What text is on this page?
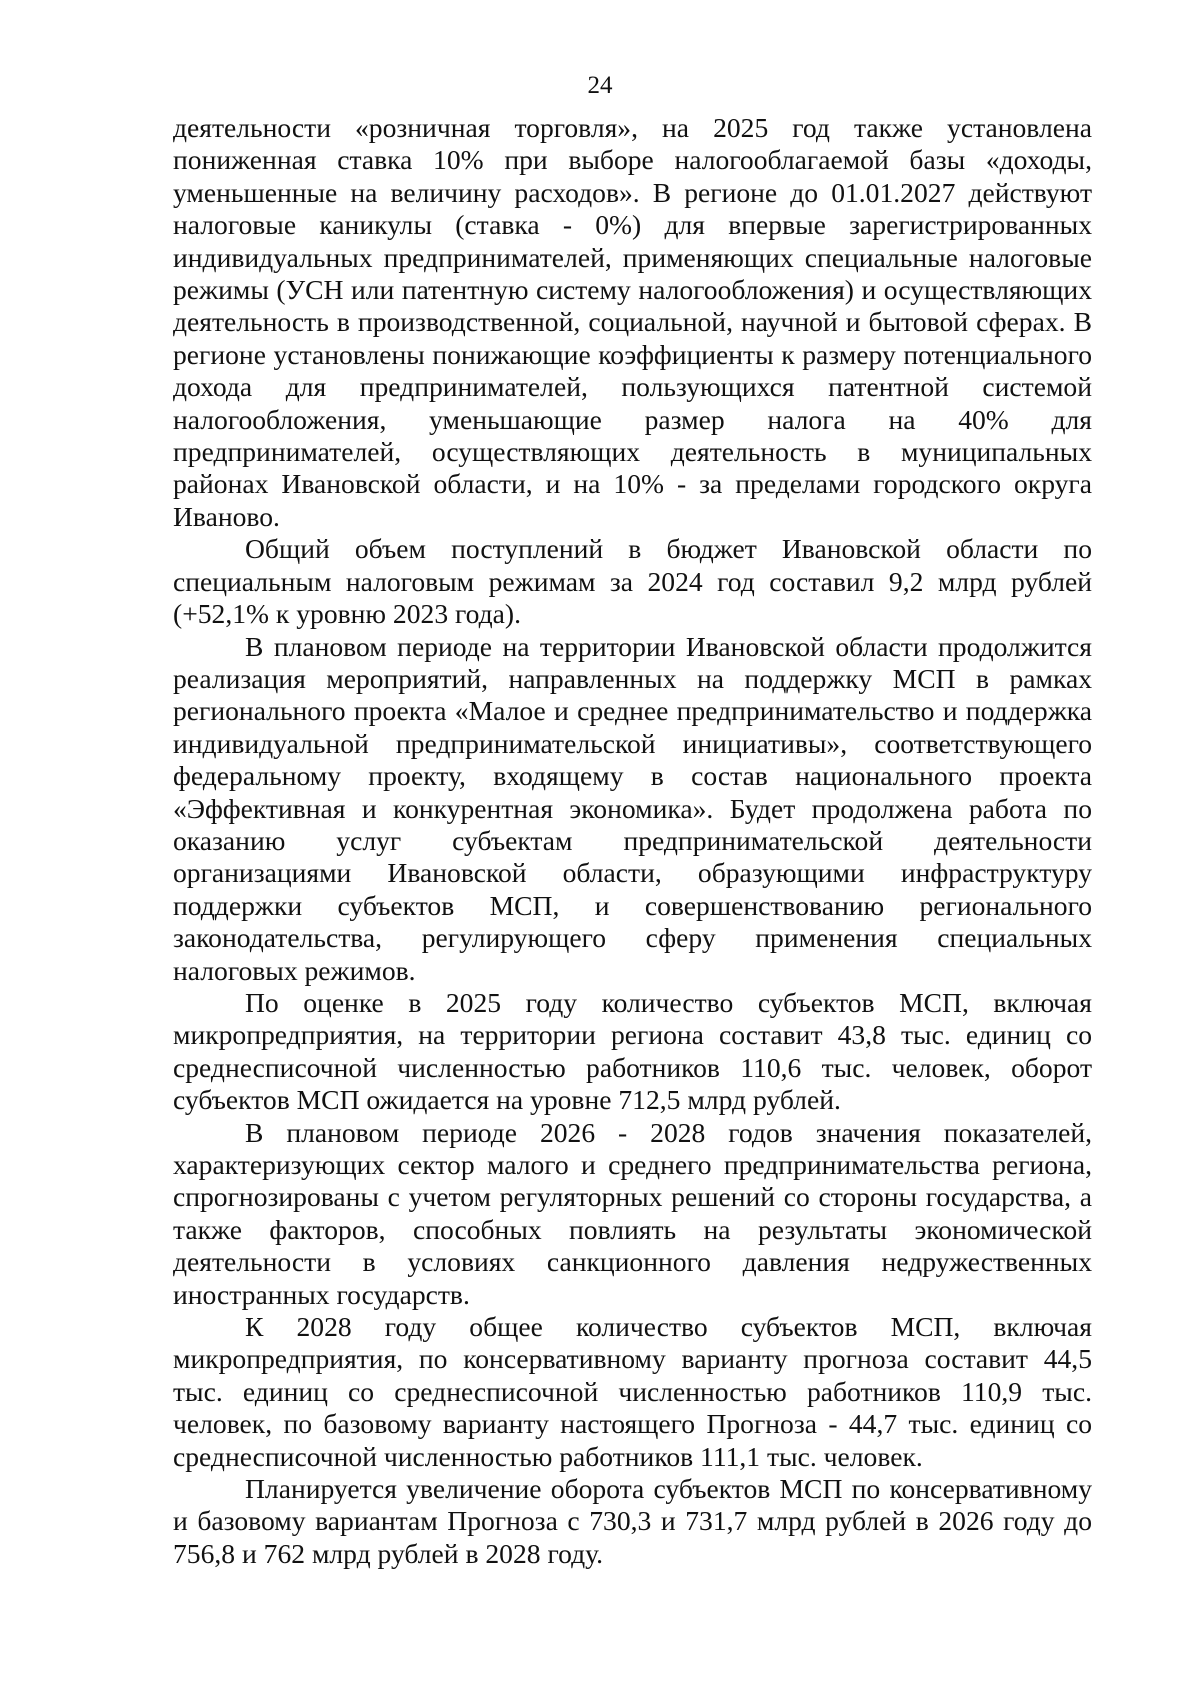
24

деятельности «розничная торговля», на 2025 год также установлена пониженная ставка 10% при выборе налогооблагаемой базы «доходы, уменьшенные на величину расходов». В регионе до 01.01.2027 действуют налоговые каникулы (ставка - 0%) для впервые зарегистрированных индивидуальных предпринимателей, применяющих специальные налоговые режимы (УСН или патентную систему налогообложения) и осуществляющих деятельность в производственной, социальной, научной и бытовой сферах. В регионе установлены понижающие коэффициенты к размеру потенциального дохода для предпринимателей, пользующихся патентной системой налогообложения, уменьшающие размер налога на 40% для предпринимателей, осуществляющих деятельность в муниципальных районах Ивановской области, и на 10% - за пределами городского округа Иваново.

Общий объем поступлений в бюджет Ивановской области по специальным налоговым режимам за 2024 год составил 9,2 млрд рублей (+52,1% к уровню 2023 года).

В плановом периоде на территории Ивановской области продолжится реализация мероприятий, направленных на поддержку МСП в рамках регионального проекта «Малое и среднее предпринимательство и поддержка индивидуальной предпринимательской инициативы», соответствующего федеральному проекту, входящему в состав национального проекта «Эффективная и конкурентная экономика». Будет продолжена работа по оказанию услуг субъектам предпринимательской деятельности организациями Ивановской области, образующими инфраструктуру поддержки субъектов МСП, и совершенствованию регионального законодательства, регулирующего сферу применения специальных налоговых режимов.

По оценке в 2025 году количество субъектов МСП, включая микропредприятия, на территории региона составит 43,8 тыс. единиц со среднесписочной численностью работников 110,6 тыс. человек, оборот субъектов МСП ожидается на уровне 712,5 млрд рублей.

В плановом периоде 2026 - 2028 годов значения показателей, характеризующих сектор малого и среднего предпринимательства региона, спрогнозированы с учетом регуляторных решений со стороны государства, а также факторов, способных повлиять на результаты экономической деятельности в условиях санкционного давления недружественных иностранных государств.

К 2028 году общее количество субъектов МСП, включая микропредприятия, по консервативному варианту прогноза составит 44,5 тыс. единиц со среднесписочной численностью работников 110,9 тыс. человек, по базовому варианту настоящего Прогноза - 44,7 тыс. единиц со среднесписочной численностью работников 111,1 тыс. человек.

Планируется увеличение оборота субъектов МСП по консервативному и базовому вариантам Прогноза с 730,3 и 731,7 млрд рублей в 2026 году до 756,8 и 762 млрд рублей в 2028 году.
